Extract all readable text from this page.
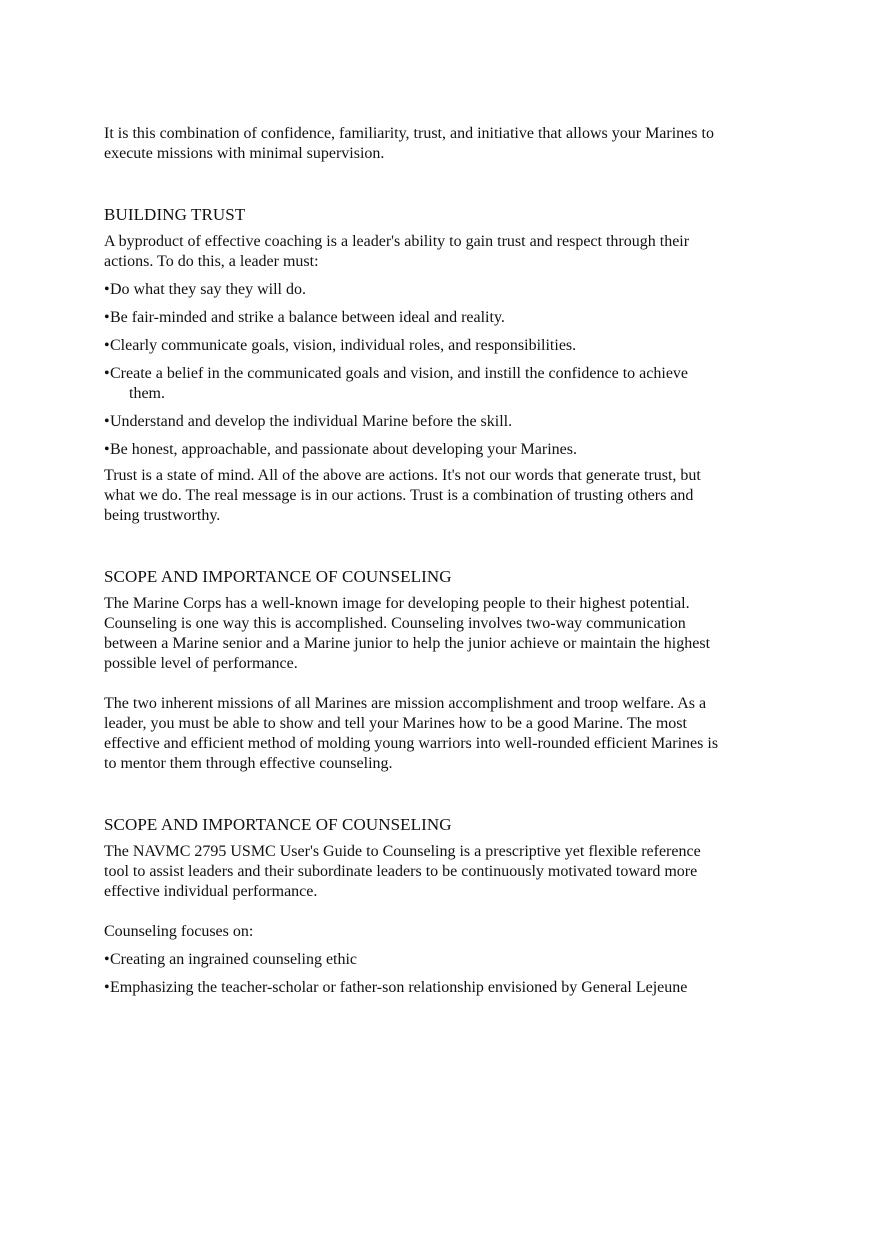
It is this combination of confidence, familiarity, trust, and initiative that allows your Marines to execute missions with minimal supervision.

BUILDING TRUST

A byproduct of effective coaching is a leader's ability to gain trust and respect through their actions. To do this, a leader must:

•Do what they say they will do.

•Be fair-minded and strike a balance between ideal and reality.

•Clearly communicate goals, vision, individual roles, and responsibilities.

•Create a belief in the communicated goals and vision, and instill the confidence to achieve them.

•Understand and develop the individual Marine before the skill.

•Be honest, approachable, and passionate about developing your Marines.

Trust is a state of mind. All of the above are actions. It's not our words that generate trust, but what we do. The real message is in our actions. Trust is a combination of trusting others and being trustworthy.

SCOPE AND IMPORTANCE OF COUNSELING

The Marine Corps has a well-known image for developing people to their highest potential. Counseling is one way this is accomplished. Counseling involves two-way communication between a Marine senior and a Marine junior to help the junior achieve or maintain the highest possible level of performance.

The two inherent missions of all Marines are mission accomplishment and troop welfare. As a leader, you must be able to show and tell your Marines how to be a good Marine. The most effective and efficient method of molding young warriors into well-rounded efficient Marines is to mentor them through effective counseling.

SCOPE AND IMPORTANCE OF COUNSELING

The NAVMC 2795 USMC User's Guide to Counseling is a prescriptive yet flexible reference tool to assist leaders and their subordinate leaders to be continuously motivated toward more effective individual performance.

Counseling focuses on:

•Creating an ingrained counseling ethic

•Emphasizing the teacher-scholar or father-son relationship envisioned by General Lejeune
